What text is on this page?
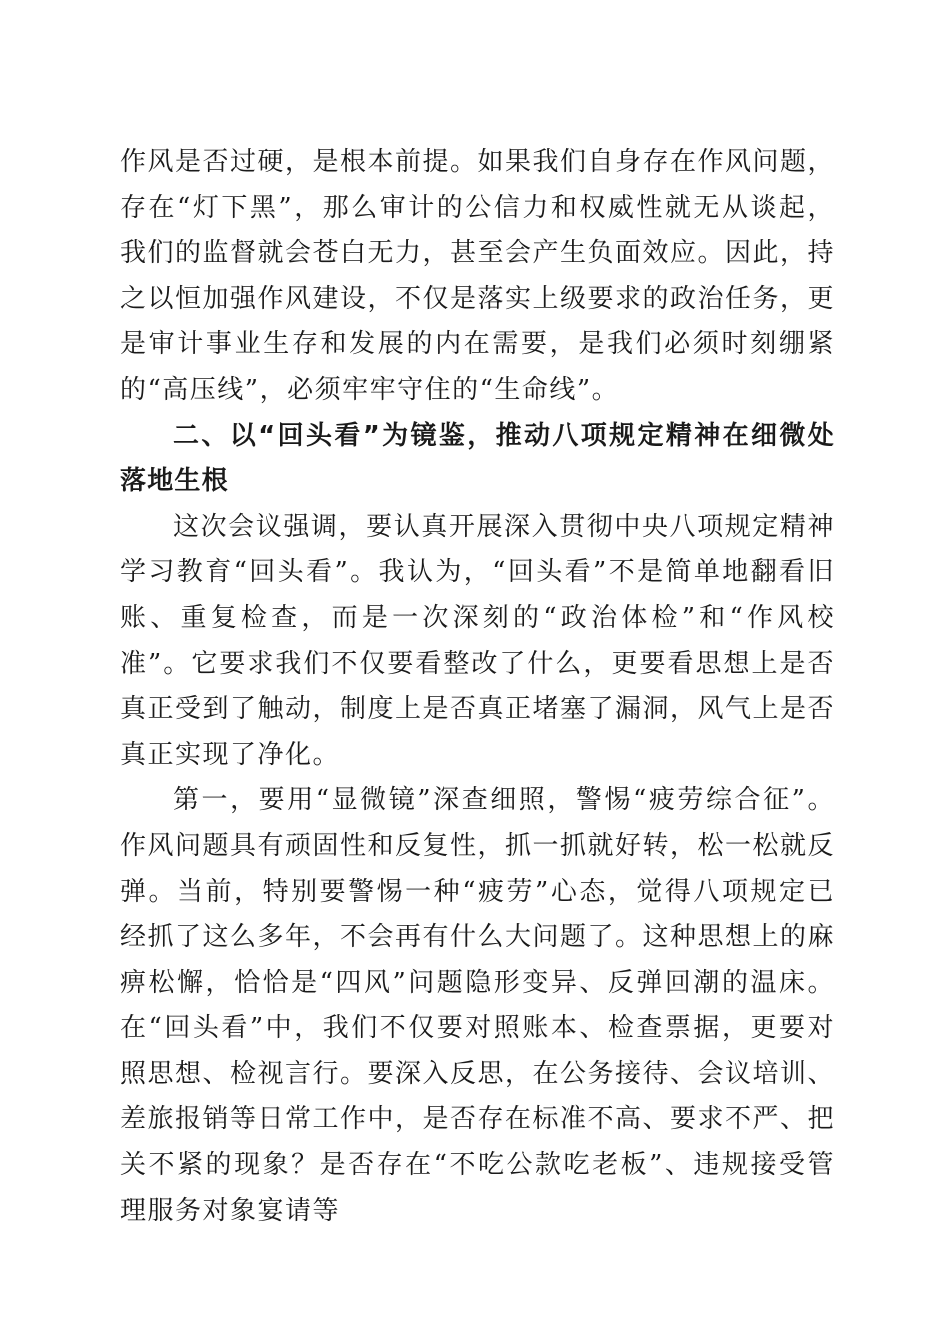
作风是否过硬，是根本前提。如果我们自身存在作风问题，存在“灯下黑”，那么审计的公信力和权威性就无从谈起，我们的监督就会苍白无力，甚至会产生负面效应。因此，持之以恒加强作风建设，不仅是落实上级要求的政治任务，更是审计事业生存和发展的内在需要，是我们必须时刻绷紧的“高压线”，必须牢牢守住的“生命线”。

二、以“回头看”为镜鉴，推动八项规定精神在细微处落地生根

这次会议强调，要认真开展深入贯彻中央八项规定精神学习教育“回头看”。我认为，“回头看”不是简单地翻看旧账、重复检查，而是一次深刻的“政治体检”和“作风校准”。它要求我们不仅要看整改了什么，更要看思想上是否真正受到了触动，制度上是否真正堵塞了漏洞，风气上是否真正实现了净化。

第一，要用“显微镜”深查细照，警惕“疲劳综合征”。作风问题具有顽固性和反复性，抓一抓就好转，松一松就反弹。当前，特别要警惕一种“疲劳”心态，觉得八项规定已经抓了这么多年，不会再有什么大问题了。这种思想上的麻痹松懈，恰恰是“四风”问题隐形变异、反弹回潮的温床。在“回头看”中，我们不仅要对照账本、检查票据，更要对照思想、检视言行。要深入反思，在公务接待、会议培训、差旅报销等日常工作中，是否存在标准不高、要求不严、把关不紧的现象？是否存在“不吃公款吃老板”、违规接受管理服务对象宴请等
